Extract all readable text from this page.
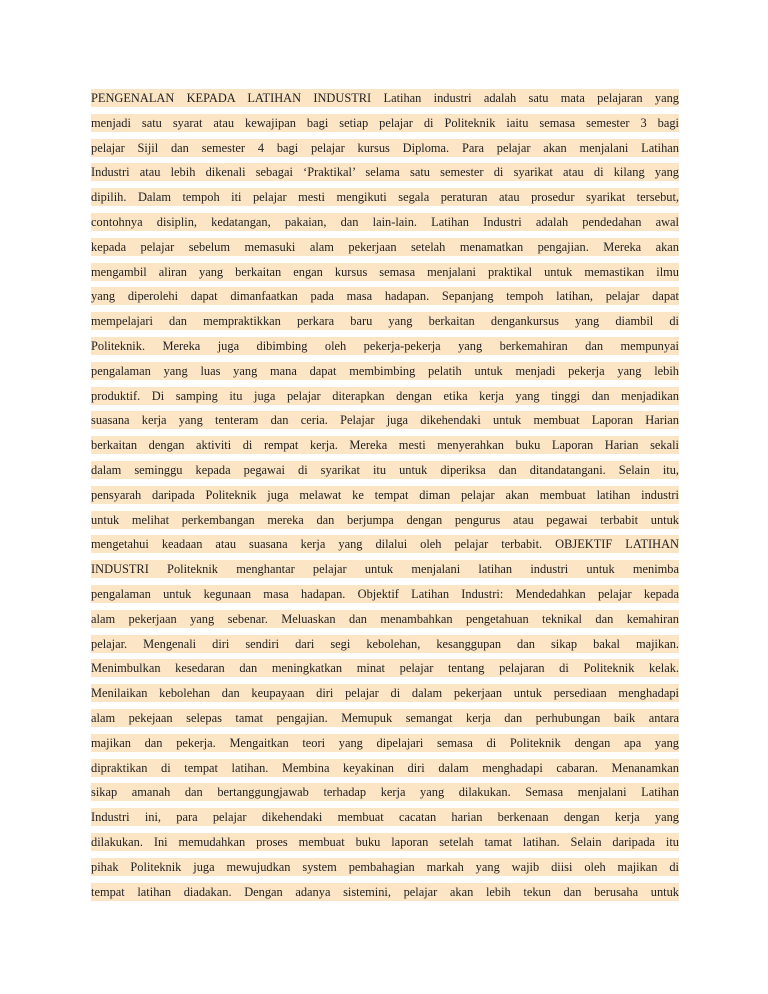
PENGENALAN KEPADA LATIHAN INDUSTRI Latihan industri adalah satu mata pelajaran yang
menjadi satu syarat atau kewajipan bagi setiap pelajar di Politeknik iaitu semasa semester 3 bagi
pelajar Sijil dan semester 4 bagi pelajar kursus Diploma. Para pelajar akan menjalani Latihan
Industri atau lebih dikenali sebagai ‘Praktikal’ selama satu semester di syarikat atau di kilang yang
dipilih. Dalam tempoh iti pelajar mesti mengikuti segala peraturan atau prosedur syarikat tersebut,
contohnya disiplin, kedatangan, pakaian, dan lain-lain. Latihan Industri adalah pendedahan awal
kepada pelajar sebelum memasuki alam pekerjaan setelah menamatkan pengajian. Mereka akan
mengambil aliran yang berkaitan engan kursus semasa menjalani praktikal untuk memastikan ilmu
yang diperolehi dapat dimanfaatkan pada masa hadapan. Sepanjang tempoh latihan, pelajar dapat
mempelajari dan mempraktikkan perkara baru yang berkaitan dengankursus yang diambil di
Politeknik. Mereka juga dibimbing oleh pekerja-pekerja yang berkemahiran dan mempunyai
pengalaman yang luas yang mana dapat membimbing pelatih untuk menjadi pekerja yang lebih
produktif. Di samping itu juga pelajar diterapkan dengan etika kerja yang tinggi dan menjadikan
suasana kerja yang tenteram dan ceria. Pelajar juga dikehendaki untuk membuat Laporan Harian
berkaitan dengan aktiviti di rempat kerja. Mereka mesti menyerahkan buku Laporan Harian sekali
dalam seminggu kepada pegawai di syarikat itu untuk diperiksa dan ditandatangani. Selain itu,
pensyarah daripada Politeknik juga melawat ke tempat diman pelajar akan membuat latihan industri
untuk melihat perkembangan mereka dan berjumpa dengan pengurus atau pegawai terbabit untuk
mengetahui keadaan atau suasana kerja yang dilalui oleh pelajar terbabit. OBJEKTIF LATIHAN
INDUSTRI Politeknik menghantar pelajar untuk menjalani latihan industri untuk menimba
pengalaman untuk kegunaan masa hadapan. Objektif Latihan Industri: Mendedahkan pelajar kepada
alam pekerjaan yang sebenar. Meluaskan dan menambahkan pengetahuan teknikal dan kemahiran
pelajar. Mengenali diri sendiri dari segi kebolehan, kesanggupan dan sikap bakal majikan.
Menimbulkan kesedaran dan meningkatkan minat pelajar tentang pelajaran di Politeknik kelak.
Menilaikan kebolehan dan keupayaan diri pelajar di dalam pekerjaan untuk persediaan menghadapi
alam pekejaan selepas tamat pengajian. Memupuk semangat kerja dan perhubungan baik antara
majikan dan pekerja. Mengaitkan teori yang dipelajari semasa di Politeknik dengan apa yang
dipraktikan di tempat latihan. Membina keyakinan diri dalam menghadapi cabaran. Menanamkan
sikap amanah dan bertanggungjawab terhadap kerja yang dilakukan. Semasa menjalani Latihan
Industri ini, para pelajar dikehendaki membuat cacatan harian berkenaan dengan kerja yang
dilakukan. Ini memudahkan proses membuat buku laporan setelah tamat latihan. Selain daripada itu
pihak Politeknik juga mewujudkan system pembahagian markah yang wajib diisi oleh majikan di
tempat latihan diadakan. Dengan adanya sistemini, pelajar akan lebih tekun dan berusaha untuk
